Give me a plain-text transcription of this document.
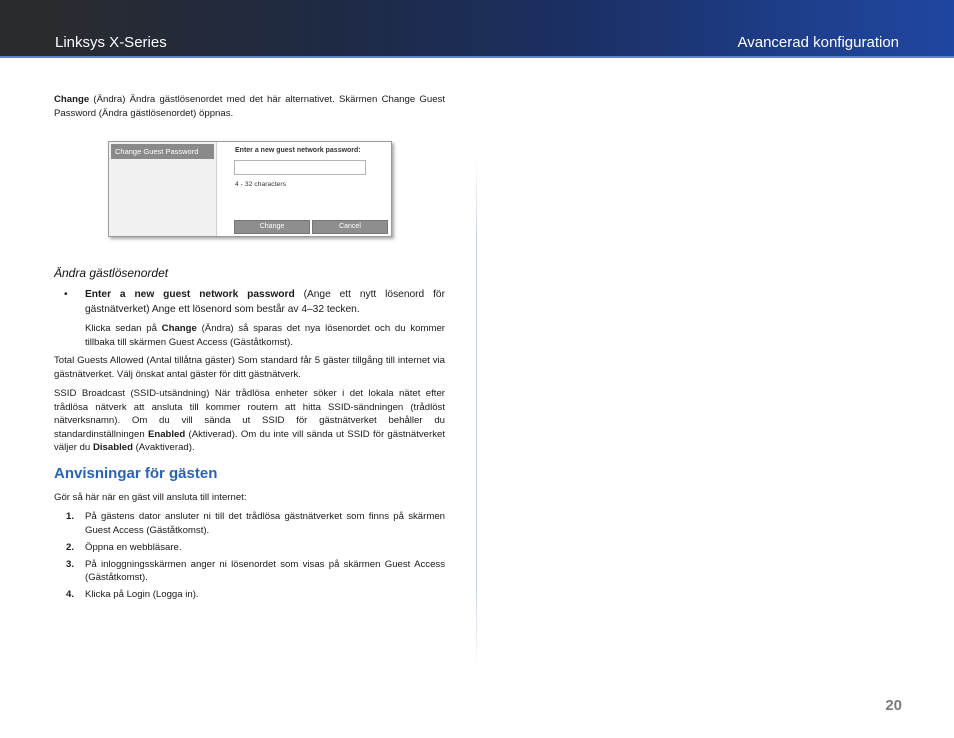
Linksys X-Series	Avancerad konfiguration
Change (Ändra) Ändra gästlösenordet med det här alternativet. Skärmen Change Guest Password (Ändra gästlösenordet) öppnas.
Change Guest Password	Enter a new guest network password:
4 - 32 characters
Change	Cancel
Ändra gästlösenordet
• Enter a new guest network password (Ange ett nytt lösenord för gästnätverket) Ange ett lösenord som består av 4–32 tecken.
Klicka sedan på Change (Ändra) så sparas det nya lösenordet och du kommer tillbaka till skärmen Guest Access (Gäståtkomst).
Total Guests Allowed (Antal tillåtna gäster) Som standard får 5 gäster tillgång till internet via gästnätverket. Välj önskat antal gäster för ditt gästnätverk.
SSID Broadcast (SSID-utsändning) När trådlösa enheter söker i det lokala nätet efter trådlösa nätverk att ansluta till kommer routern att hitta SSID-sändningen (trådlöst nätverksnamn). Om du vill sända ut SSID för gästnätverket behåller du standardinställningen Enabled (Aktiverad). Om du inte vill sända ut SSID för gästnätverket väljer du Disabled (Avaktiverad).
Anvisningar för gästen
Gör så här när en gäst vill ansluta till internet:
1. På gästens dator ansluter ni till det trådlösa gästnätverket som finns på skärmen Guest Access (Gäståtkomst).
2. Öppna en webbläsare.
3. På inloggningsskärmen anger ni lösenordet som visas på skärmen Guest Access (Gäståtkomst).
4. Klicka på Login (Logga in).
20
